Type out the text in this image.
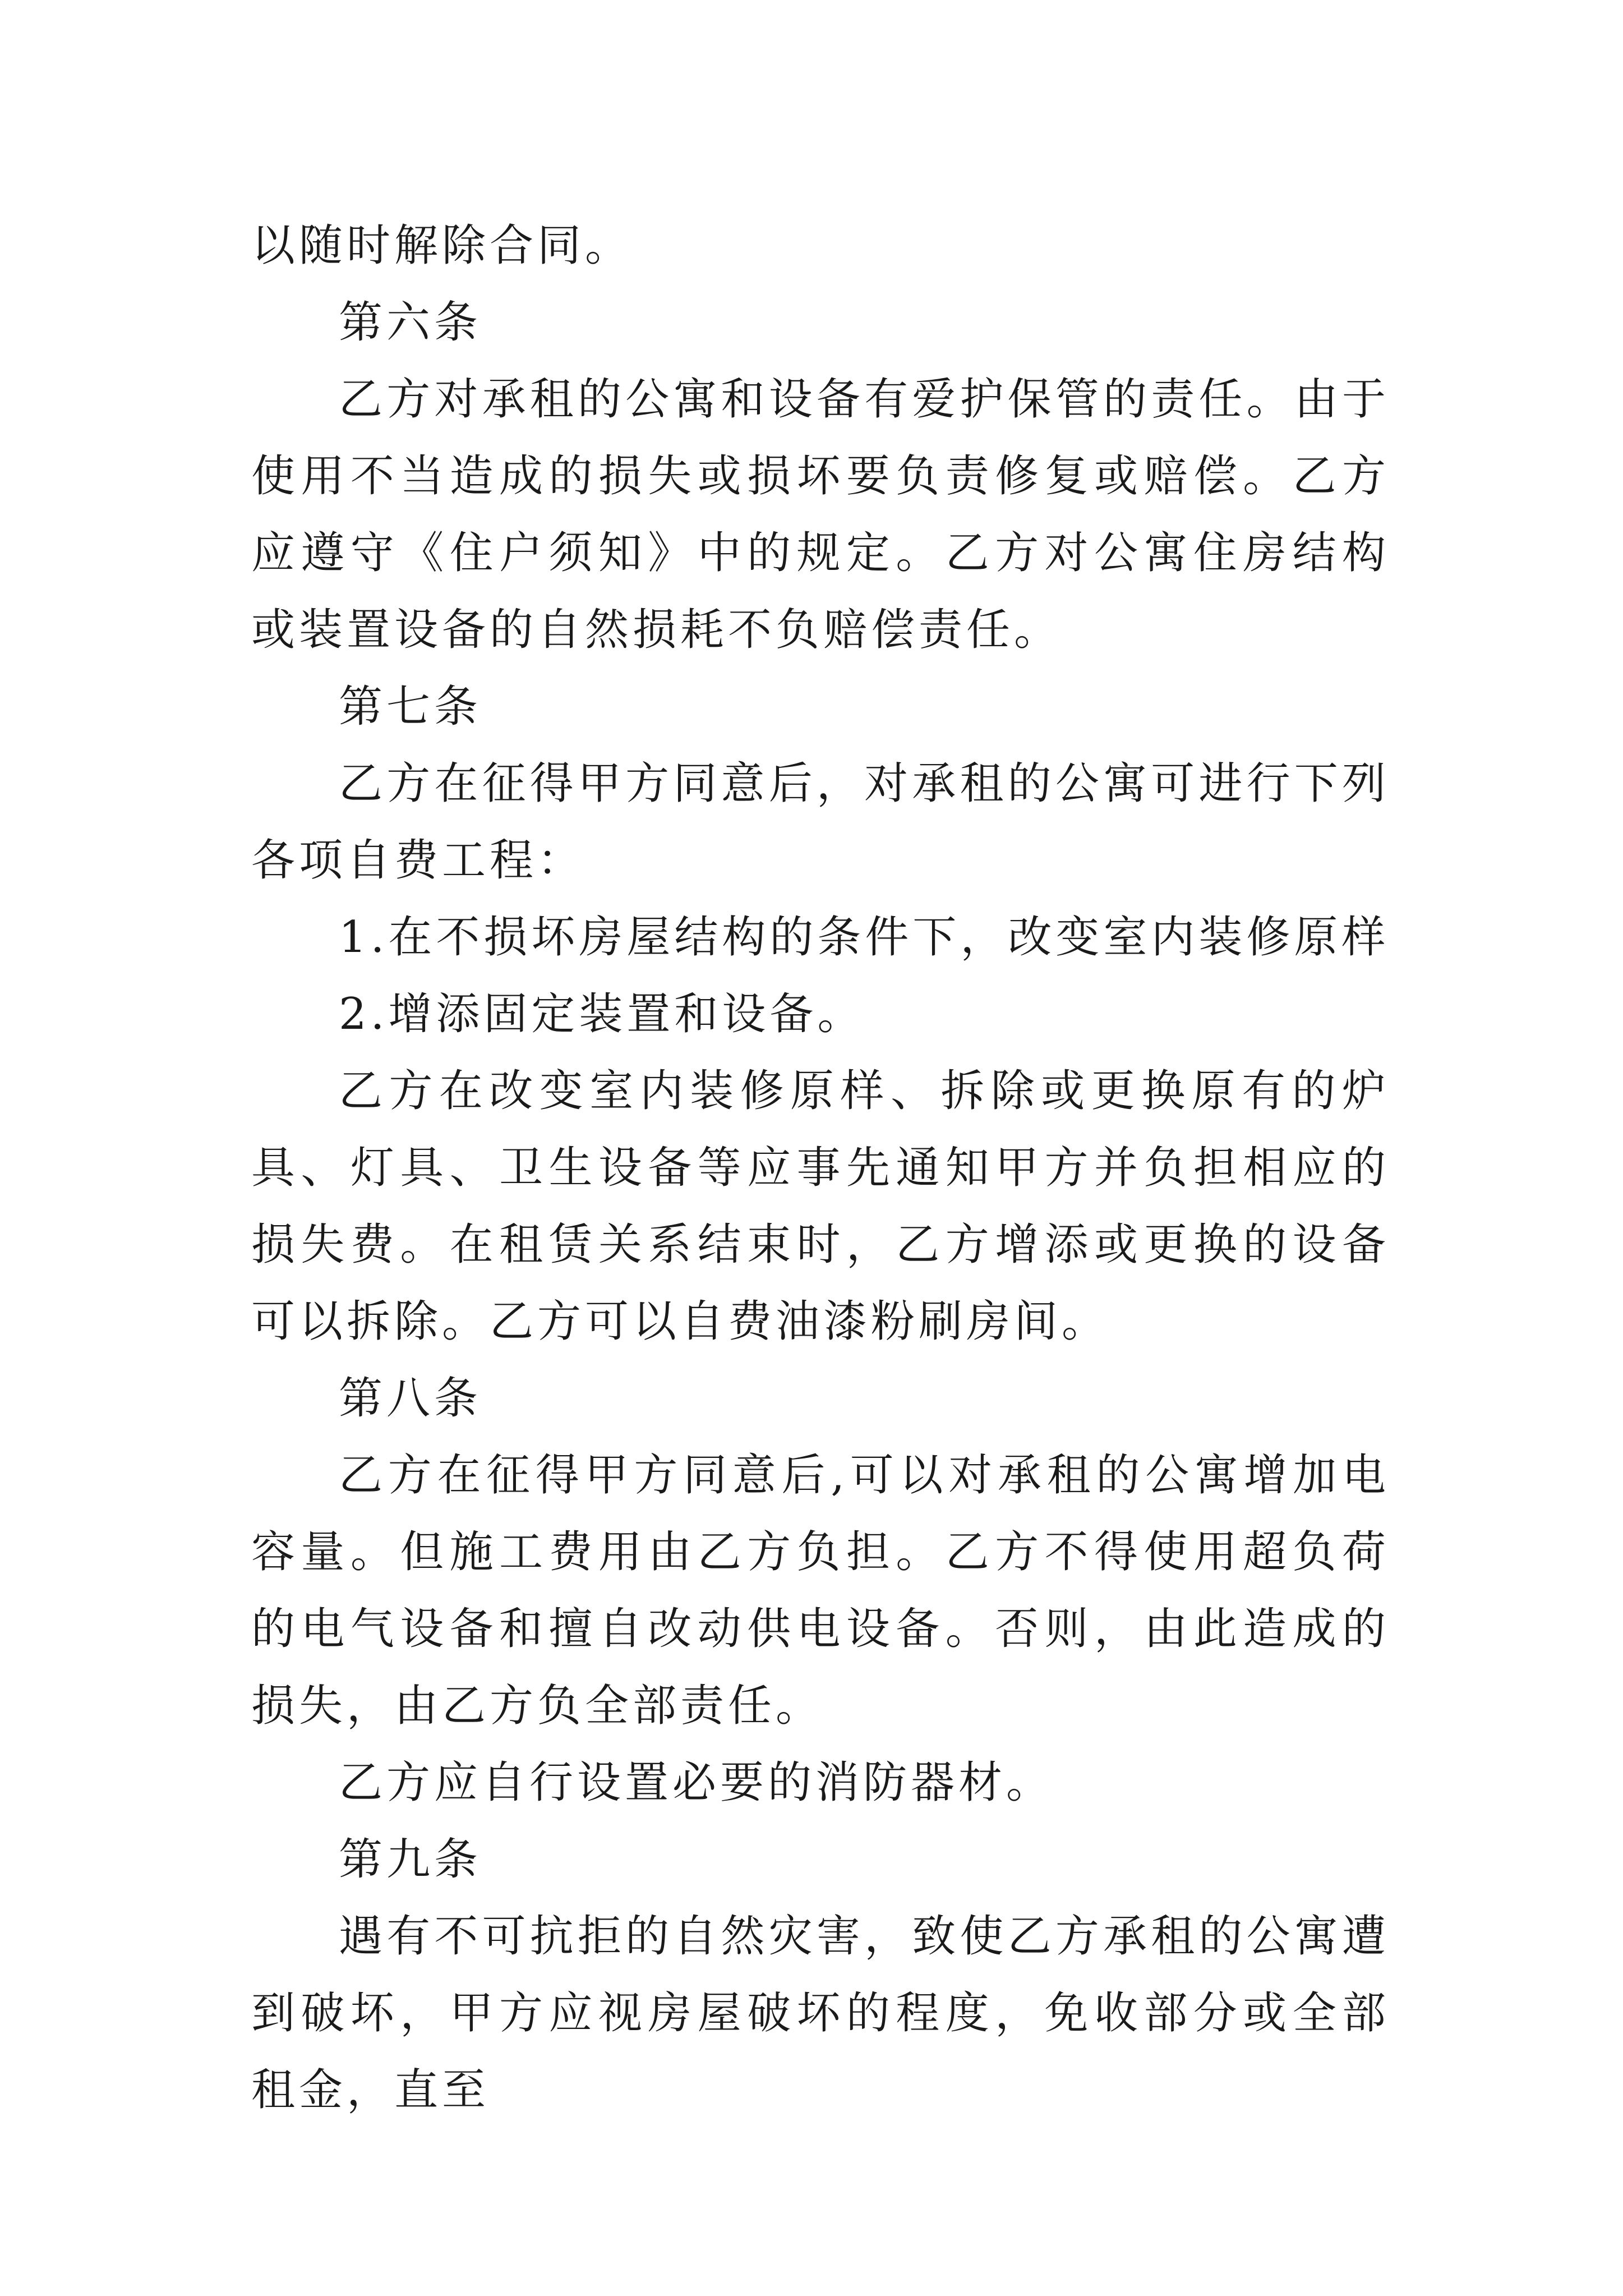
以随时解除合同。

第六条

乙方对承租的公寓和设备有爱护保管的责任。由于使用不当造成的损失或损坏要负责修复或赔偿。乙方应遵守《住户须知》中的规定。乙方对公寓住房结构或装置设备的自然损耗不负赔偿责任。

第七条

乙方在征得甲方同意后，对承租的公寓可进行下列各项自费工程：

1.在不损坏房屋结构的条件下，改变室内装修原样

2.增添固定装置和设备。

乙方在改变室内装修原样、拆除或更换原有的炉具、灯具、卫生设备等应事先通知甲方并负担相应的损失费。在租赁关系结束时，乙方增添或更换的设备可以拆除。乙方可以自费油漆粉刷房间。

第八条

乙方在征得甲方同意后,可以对承租的公寓增加电容量。但施工费用由乙方负担。乙方不得使用超负荷的电气设备和擅自改动供电设备。否则，由此造成的损失，由乙方负全部责任。

乙方应自行设置必要的消防器材。

第九条

遇有不可抗拒的自然灾害，致使乙方承租的公寓遭到破坏，甲方应视房屋破坏的程度，免收部分或全部租金，直至
